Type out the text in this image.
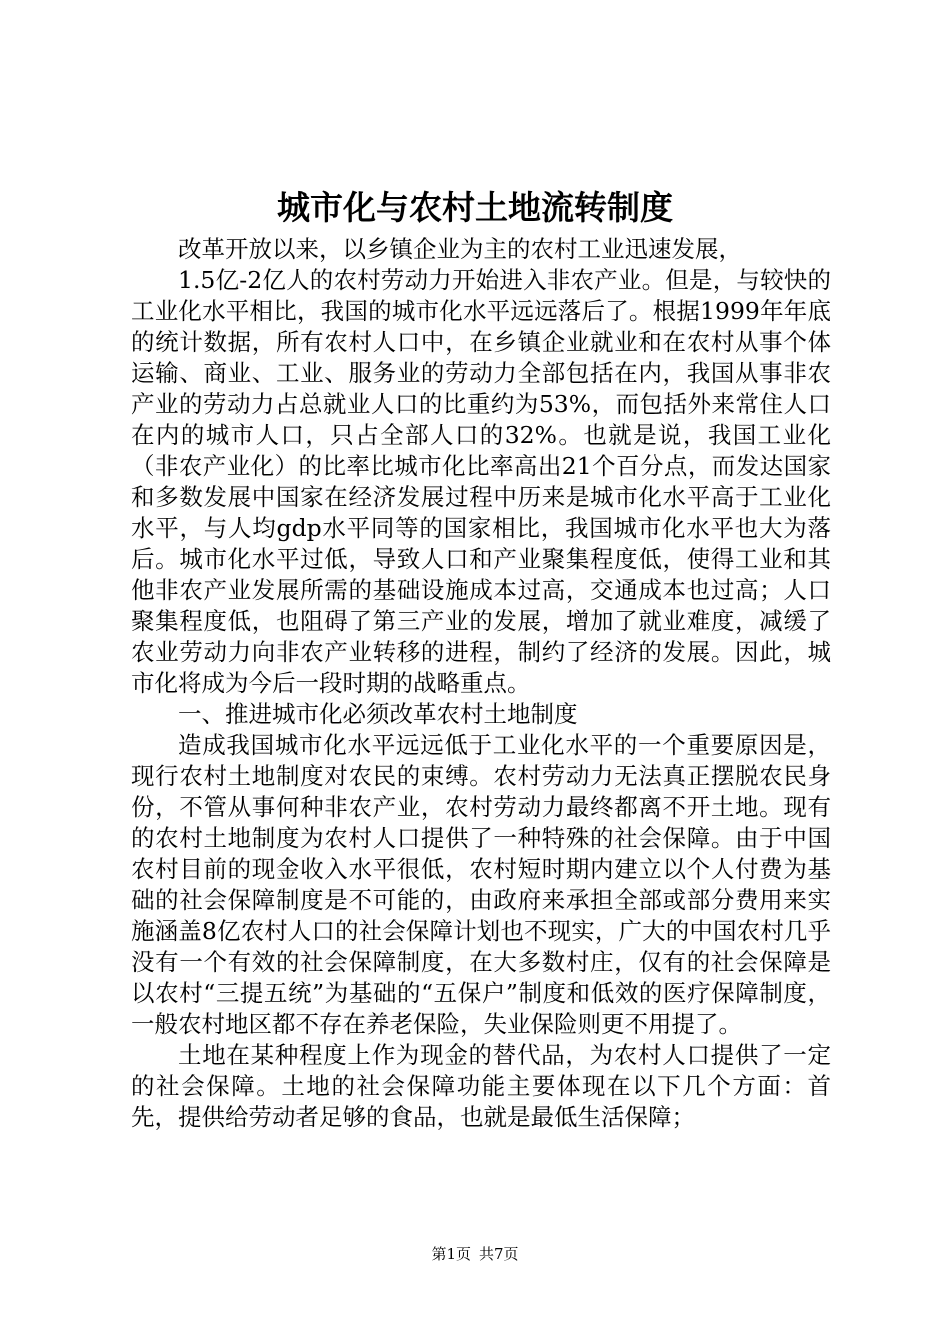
城市化与农村土地流转制度

改革开放以来，以乡镇企业为主的农村工业迅速发展，

1.5亿-2亿人的农村劳动力开始进入非农产业。但是，与较快的工业化水平相比，我国的城市化水平远远落后了。根据1999年年底的统计数据，所有农村人口中，在乡镇企业就业和在农村从事个体运输、商业、工业、服务业的劳动力全部包括在内，我国从事非农产业的劳动力占总就业人口的比重约为53%，而包括外来常住人口在内的城市人口，只占全部人口的32%。也就是说，我国工业化（非农产业化）的比率比城市化比率高出21个百分点，而发达国家和多数发展中国家在经济发展过程中历来是城市化水平高于工业化水平，与人均gdp水平同等的国家相比，我国城市化水平也大为落后。城市化水平过低，导致人口和产业聚集程度低，使得工业和其他非农产业发展所需的基础设施成本过高，交通成本也过高；人口聚集程度低，也阻碍了第三产业的发展，增加了就业难度，减缓了农业劳动力向非农产业转移的进程，制约了经济的发展。因此，城市化将成为今后一段时期的战略重点。

一、推进城市化必须改革农村土地制度

造成我国城市化水平远远低于工业化水平的一个重要原因是，现行农村土地制度对农民的束缚。农村劳动力无法真正摆脱农民身份，不管从事何种非农产业，农村劳动力最终都离不开土地。现有的农村土地制度为农村人口提供了一种特殊的社会保障。由于中国农村目前的现金收入水平很低，农村短时期内建立以个人付费为基础的社会保障制度是不可能的，由政府来承担全部或部分费用来实施涵盖8亿农村人口的社会保障计划也不现实，广大的中国农村几乎没有一个有效的社会保障制度，在大多数村庄，仅有的社会保障是以农村“三提五统”为基础的“五保户”制度和低效的医疗保障制度，一般农村地区都不存在养老保险，失业保险则更不用提了。

土地在某种程度上作为现金的替代品，为农村人口提供了一定的社会保障。土地的社会保障功能主要体现在以下几个方面：首先，提供给劳动者足够的食品，也就是最低生活保障；

第1页 共7页
